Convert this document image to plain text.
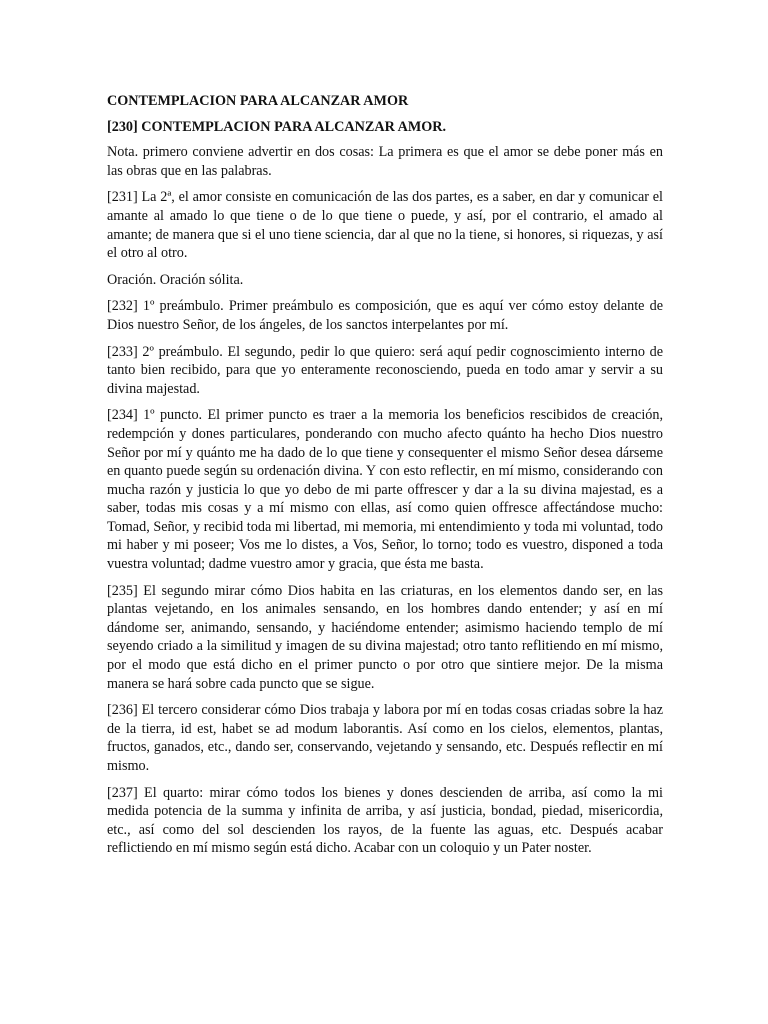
CONTEMPLACION PARA ALCANZAR AMOR
[230] CONTEMPLACION PARA ALCANZAR AMOR.

Nota. primero conviene advertir en dos cosas: La primera es que el amor se debe poner más en las obras que en las palabras.

[231] La 2ª, el amor consiste en comunicación de las dos partes, es a saber, en dar y comunicar el amante al amado lo que tiene o de lo que tiene o puede, y así, por el contrario, el amado al amante; de manera que si el uno tiene sciencia, dar al que no la tiene, si honores, si riquezas, y así el otro al otro.

Oración. Oración sólita.

[232] 1º preámbulo. Primer preámbulo es composición, que es aquí ver cómo estoy delante de Dios nuestro Señor, de los ángeles, de los sanctos interpelantes por mí.

[233] 2º preámbulo. El segundo, pedir lo que quiero: será aquí pedir cognoscimiento interno de tanto bien recibido, para que yo enteramente reconosciendo, pueda en todo amar y servir a su divina majestad.

[234] 1º puncto. El primer puncto es traer a la memoria los beneficios rescibidos de creación, redempción y dones particulares, ponderando con mucho afecto quánto ha hecho Dios nuestro Señor por mí y quánto me ha dado de lo que tiene y consequenter el mismo Señor desea dárseme en quanto puede según su ordenación divina. Y con esto reflectir, en mí mismo, considerando con mucha razón y justicia lo que yo debo de mi parte offrescer y dar a la su divina majestad, es a saber, todas mis cosas y a mí mismo con ellas, así como quien offresce affectándose mucho: Tomad, Señor, y recibid toda mi libertad, mi memoria, mi entendimiento y toda mi voluntad, todo mi haber y mi poseer; Vos me lo distes, a Vos, Señor, lo torno; todo es vuestro, disponed a toda vuestra voluntad; dadme vuestro amor y gracia, que ésta me basta.

[235] El segundo mirar cómo Dios habita en las criaturas, en los elementos dando ser, en las plantas vejetando, en los animales sensando, en los hombres dando entender; y así en mí dándome ser, animando, sensando, y haciéndome entender; asimismo haciendo templo de mí seyendo criado a la similitud y imagen de su divina majestad; otro tanto reflitiendo en mí mismo, por el modo que está dicho en el primer puncto o por otro que sintiere mejor. De la misma manera se hará sobre cada puncto que se sigue.

[236] El tercero considerar cómo Dios trabaja y labora por mí en todas cosas criadas sobre la haz de la tierra, id est, habet se ad modum laborantis. Así como en los cielos, elementos, plantas, fructos, ganados, etc., dando ser, conservando, vejetando y sensando, etc. Después reflectir en mí mismo.

[237] El quarto: mirar cómo todos los bienes y dones descienden de arriba, así como la mi medida potencia de la summa y infinita de arriba, y así justicia, bondad, piedad, misericordia, etc., así como del sol descienden los rayos, de la fuente las aguas, etc. Después acabar reflictiendo en mí mismo según está dicho. Acabar con un coloquio y un Pater noster.
